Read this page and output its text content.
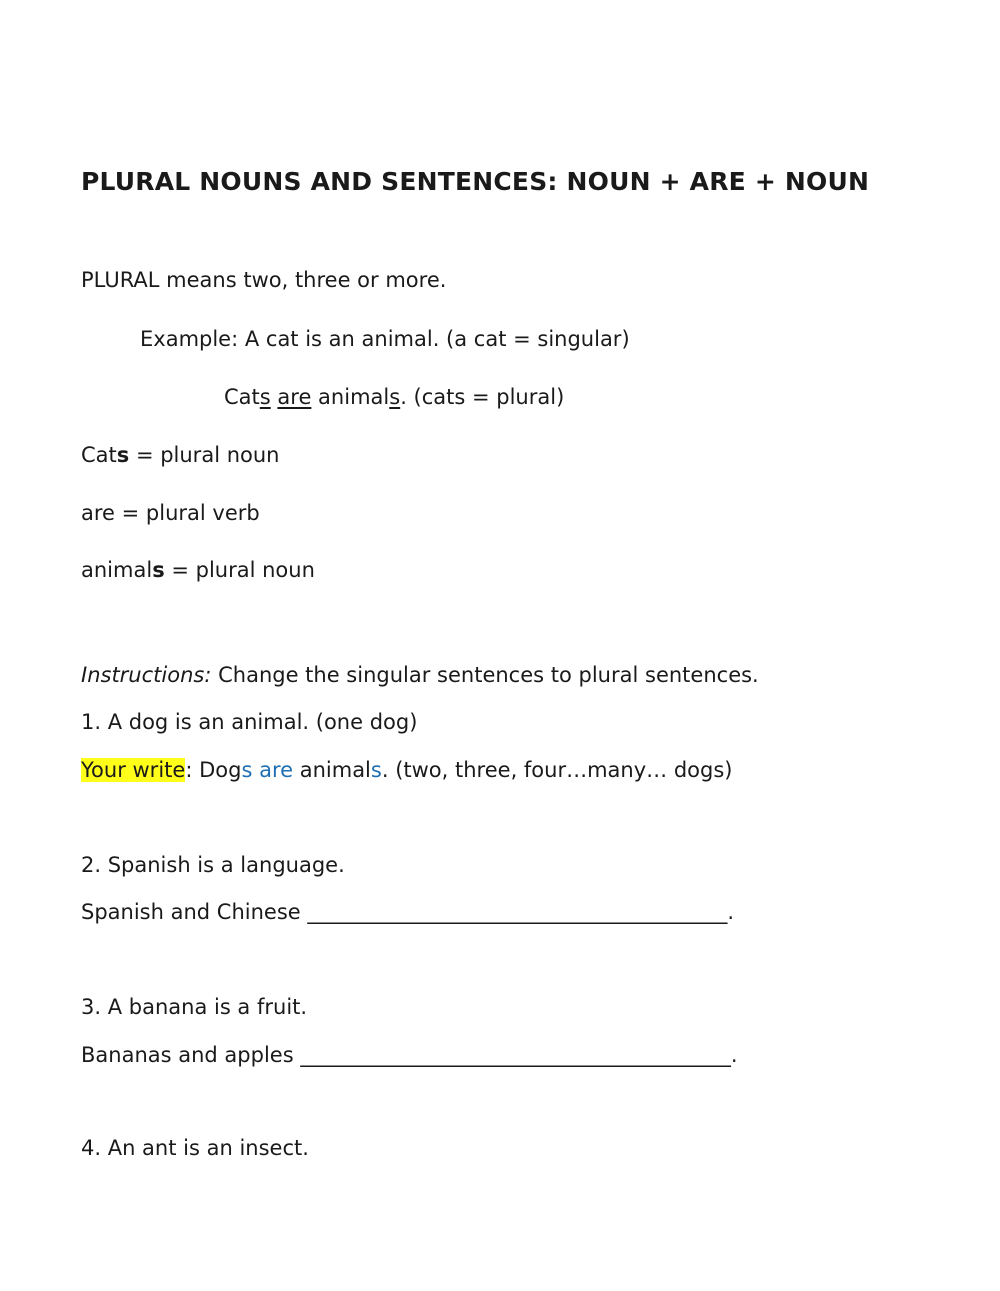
PLURAL NOUNS AND SENTENCES: NOUN + ARE + NOUN
PLURAL means two, three or more.
Example: A cat is an animal. (a cat = singular)
Cats are animals. (cats = plural)
Cats = plural noun
are = plural verb
animals = plural noun
Instructions: Change the singular sentences to plural sentences.
1. A dog is an animal. (one dog)
Your write: Dogs are animals. (two, three, four…many… dogs)
2. Spanish is a language.
Spanish and Chinese ________________________________________.
3. A banana is a fruit.
Bananas and apples _________________________________________.
4. An ant is an insect.
